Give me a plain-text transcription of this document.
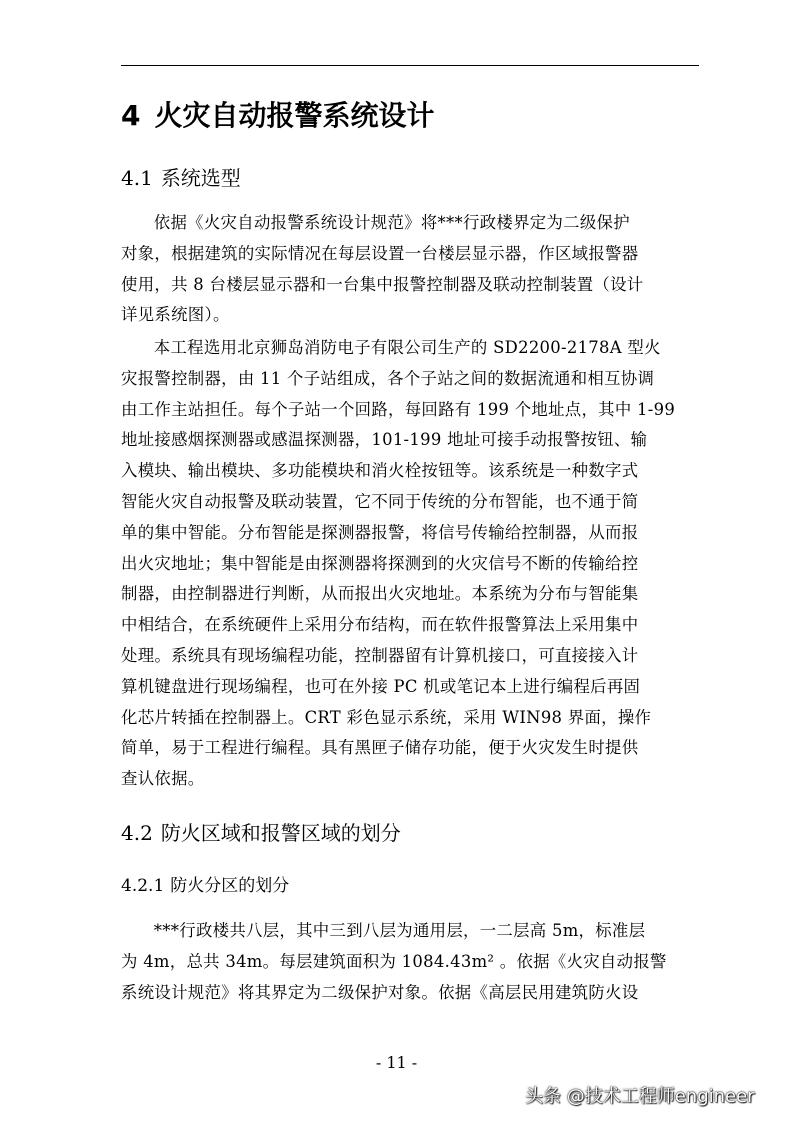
4 火灾自动报警系统设计
4.1 系统选型
依据《火灾自动报警系统设计规范》将***行政楼界定为二级保护
对象，根据建筑的实际情况在每层设置一台楼层显示器，作区域报警器
使用，共 8 台楼层显示器和一台集中报警控制器及联动控制装置（设计
详见系统图）。
本工程选用北京狮岛消防电子有限公司生产的 SD2200-2178A 型火
灾报警控制器，由 11 个子站组成，各个子站之间的数据流通和相互协调
由工作主站担任。每个子站一个回路，每回路有 199 个地址点，其中 1-99
地址接感烟探测器或感温探测器，101-199 地址可接手动报警按钮、输
入模块、输出模块、多功能模块和消火栓按钮等。该系统是一种数字式
智能火灾自动报警及联动装置，它不同于传统的分布智能，也不通于简
单的集中智能。分布智能是探测器报警，将信号传输给控制器，从而报
出火灾地址；集中智能是由探测器将探测到的火灾信号不断的传输给控
制器，由控制器进行判断，从而报出火灾地址。本系统为分布与智能集
中相结合，在系统硬件上采用分布结构，而在软件报警算法上采用集中
处理。系统具有现场编程功能，控制器留有计算机接口，可直接接入计
算机键盘进行现场编程，也可在外接 PC 机或笔记本上进行编程后再固
化芯片转插在控制器上。CRT 彩色显示系统，采用 WIN98 界面，操作
简单，易于工程进行编程。具有黑匣子储存功能，便于火灾发生时提供
查认依据。
4.2 防火区域和报警区域的划分
4.2.1 防火分区的划分
***行政楼共八层，其中三到八层为通用层，一二层高 5m，标准层
为 4m，总共 34m。每层建筑面积为 1084.43m² 。依据《火灾自动报警
系统设计规范》将其界定为二级保护对象。依据《高层民用建筑防火设
- 11 -
头条 @技术工程师engineer
